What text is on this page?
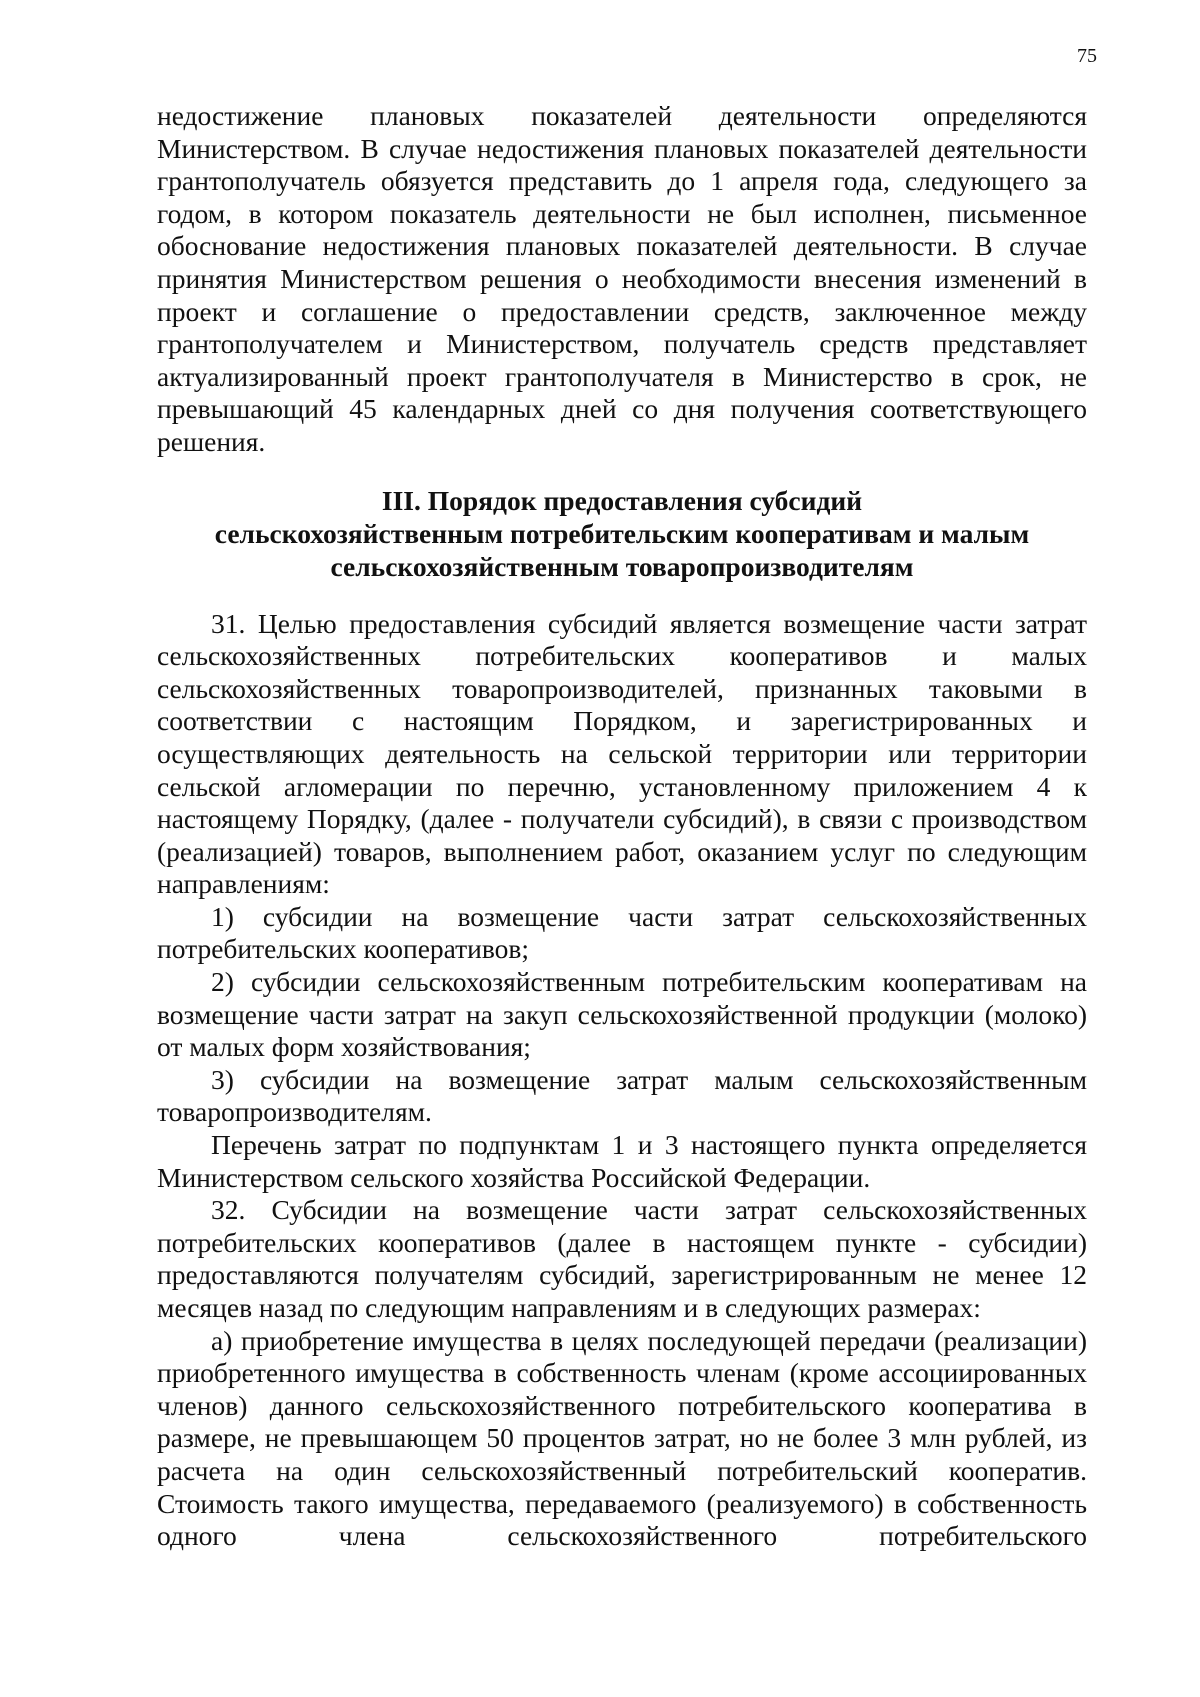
75

недостижение плановых показателей деятельности определяются Министерством. В случае недостижения плановых показателей деятельности грантополучатель обязуется представить до 1 апреля года, следующего за годом, в котором показатель деятельности не был исполнен, письменное обоснование недостижения плановых показателей деятельности. В случае принятия Министерством решения о необходимости внесения изменений в проект и соглашение о предоставлении средств, заключенное между грантополучателем и Министерством, получатель средств представляет актуализированный проект грантополучателя в Министерство в срок, не превышающий 45 календарных дней со дня получения соответствующего решения.

III. Порядок предоставления субсидий
сельскохозяйственным потребительским кооперативам и малым
сельскохозяйственным товаропроизводителям

31. Целью предоставления субсидий является возмещение части затрат сельскохозяйственных потребительских кооперативов и малых сельскохозяйственных товаропроизводителей, признанных таковыми в соответствии с настоящим Порядком, и зарегистрированных и осуществляющих деятельность на сельской территории или территории сельской агломерации по перечню, установленному приложением 4 к настоящему Порядку, (далее - получатели субсидий), в связи с производством (реализацией) товаров, выполнением работ, оказанием услуг по следующим направлениям:

1) субсидии на возмещение части затрат сельскохозяйственных потребительских кооперативов;

2) субсидии сельскохозяйственным потребительским кооперативам на возмещение части затрат на закуп сельскохозяйственной продукции (молоко) от малых форм хозяйствования;

3) субсидии на возмещение затрат малым сельскохозяйственным товаропроизводителям.

Перечень затрат по подпунктам 1 и 3 настоящего пункта определяется Министерством сельского хозяйства Российской Федерации.

32. Субсидии на возмещение части затрат сельскохозяйственных потребительских кооперативов (далее в настоящем пункте - субсидии) предоставляются получателям субсидий, зарегистрированным не менее 12 месяцев назад по следующим направлениям и в следующих размерах:

а) приобретение имущества в целях последующей передачи (реализации) приобретенного имущества в собственность членам (кроме ассоциированных членов) данного сельскохозяйственного потребительского кооператива в размере, не превышающем 50 процентов затрат, но не более 3 млн рублей, из расчета на один сельскохозяйственный потребительский кооператив. Стоимость такого имущества, передаваемого (реализуемого) в собственность одного члена сельскохозяйственного потребительского
